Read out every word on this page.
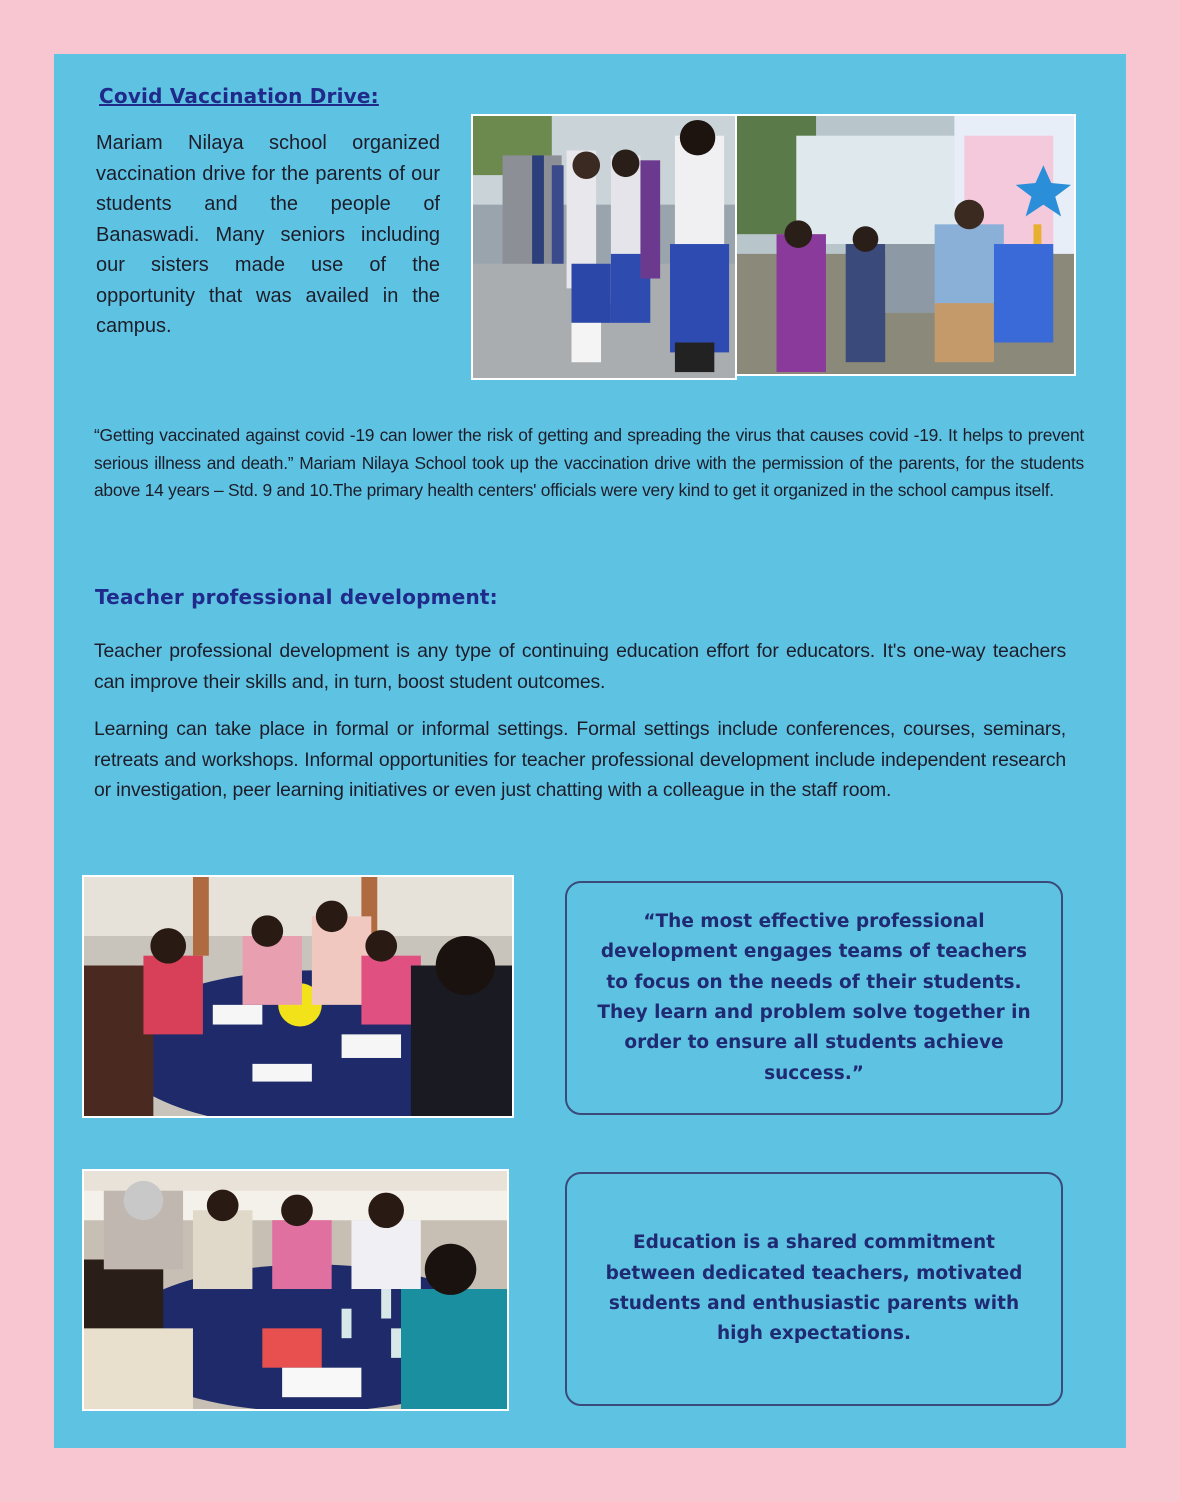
Covid Vaccination Drive:

Mariam Nilaya school organized vaccination drive for the parents of our students and the people of Banaswadi. Many seniors including our sisters made use of the opportunity that was availed in the campus.

“Getting vaccinated against covid -19 can lower the risk of getting and spreading the virus that causes covid -19. It helps to prevent serious illness and death.” Mariam Nilaya School took up the vaccination drive with the permission of the parents, for the students above 14 years – Std. 9 and 10.The primary health centers' officials were very kind to get it organized in the school campus itself.

Teacher professional development:

Teacher professional development is any type of continuing education effort for educators. It's one-way teachers can improve their skills and, in turn, boost student outcomes.

Learning can take place in formal or informal settings. Formal settings include conferences, courses, seminars, retreats and workshops. Informal opportunities for teacher professional development include independent research or investigation, peer learning initiatives or even just chatting with a colleague in the staff room.

“The most effective professional development engages teams of teachers to focus on the needs of their students. They learn and problem solve together in order to ensure all students achieve success.”

Education is a shared commitment between dedicated teachers, motivated students and enthusiastic parents with high expectations.
